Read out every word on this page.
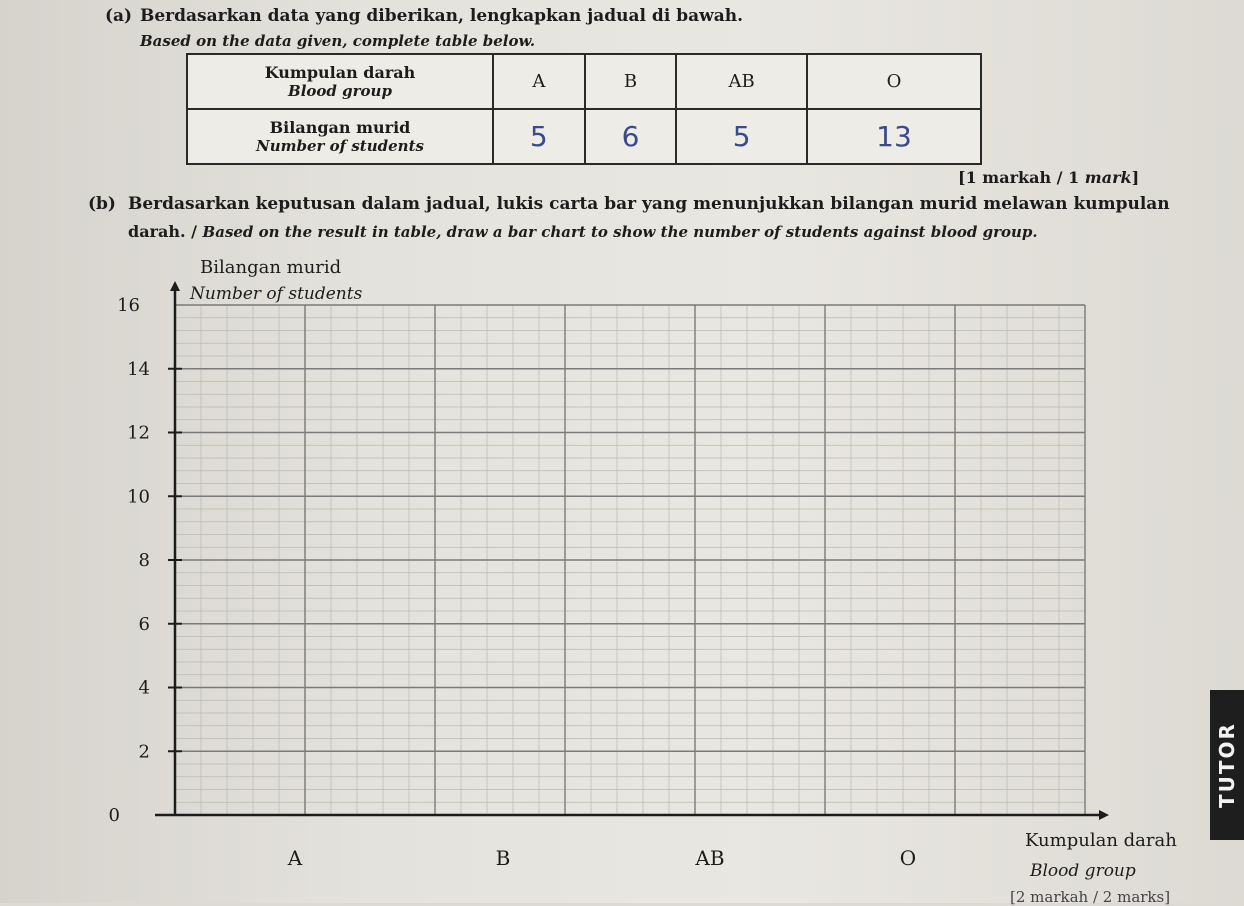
(a) Berdasarkan data yang diberikan, lengkapkan jadual di bawah.
Based on the data given, complete table below.
Kumpulan darah
Blood group	A	B	AB	O

Bilangan murid
Number of students	5	6	5	13
[1 markah / 1 mark]
(b) Berdasarkan keputusan dalam jadual, lukis carta bar yang menunjukkan bilangan murid melawan kumpulan
darah. / Based on the result in table, draw a bar chart to show the number of students against blood group.
0
2
4
6
8
10
12
14
16
A	B	AB	O
Bilangan murid
Number of students
Kumpulan darah
Blood group
[2 markah / 2 marks]
TUTOR
